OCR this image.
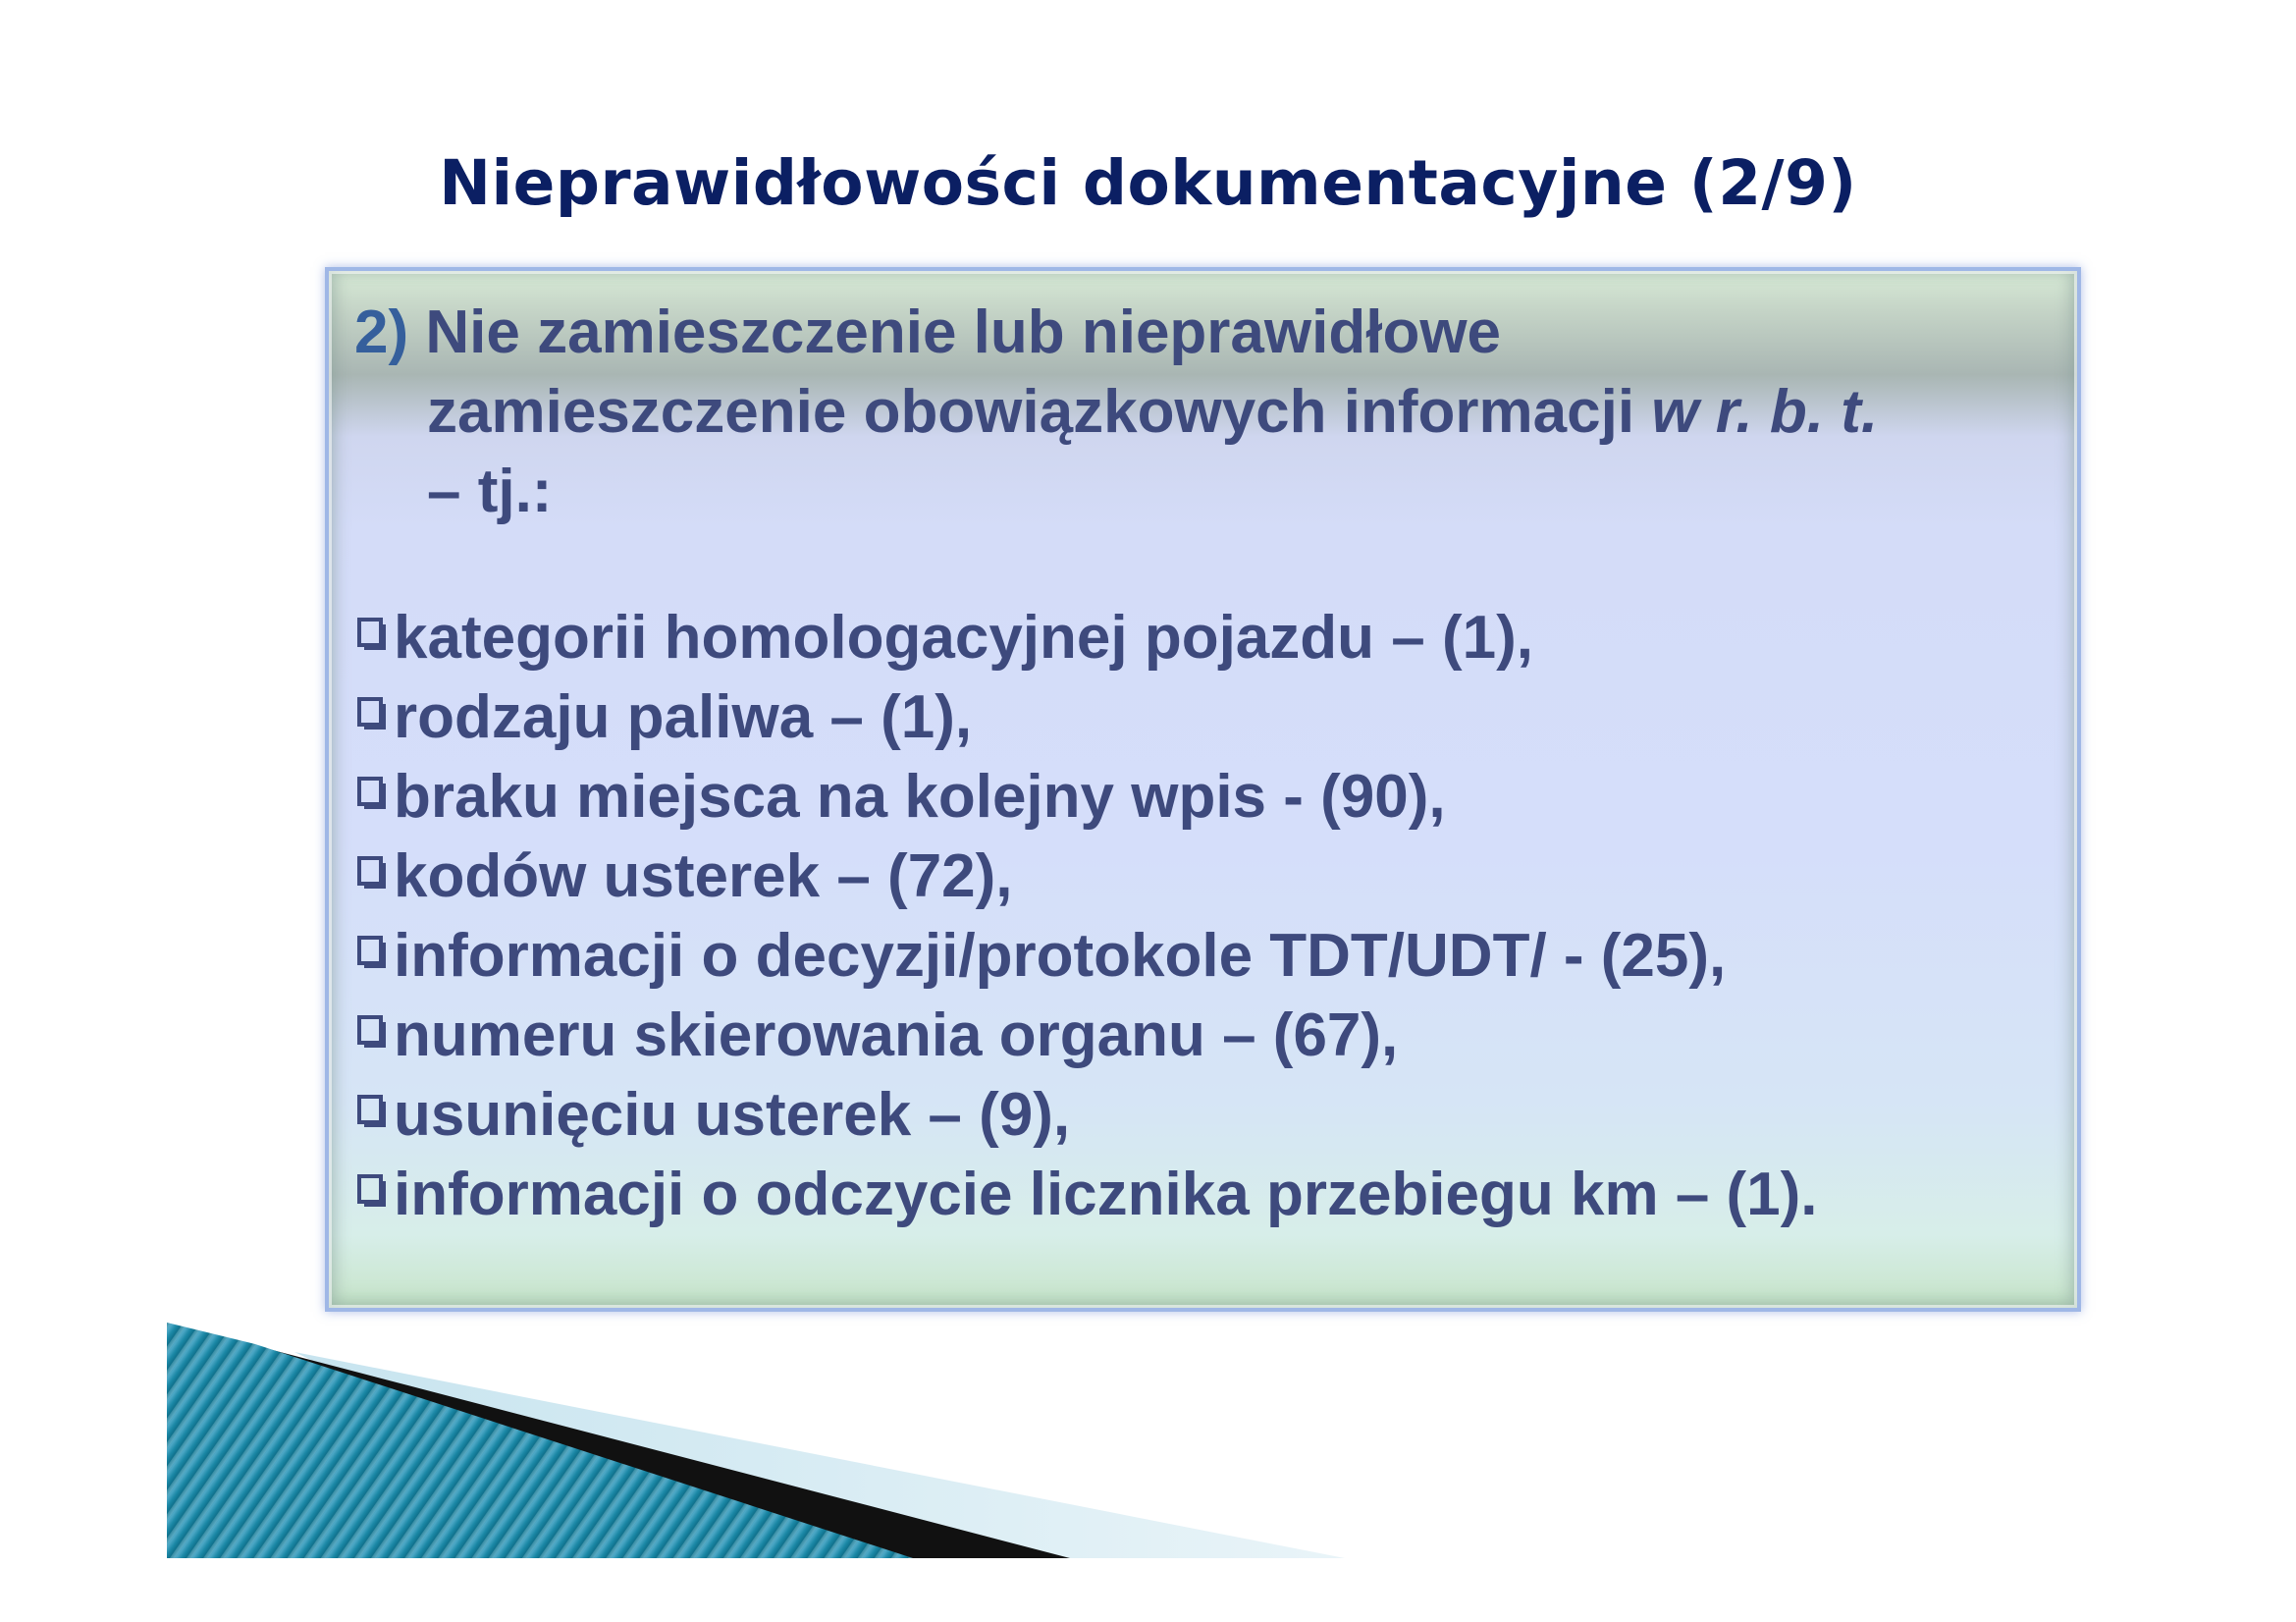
Nieprawidłowości dokumentacyjne (2/9)
2) Nie zamieszczenie lub nieprawidłowe
zamieszczenie obowiązkowych informacji w r. b. t.
– tj.:
kategorii homologacyjnej pojazdu – (1),
rodzaju paliwa – (1),
braku miejsca na kolejny wpis - (90),
kodów usterek – (72),
informacji o decyzji/protokole TDT/UDT/ - (25),
numeru skierowania organu – (67),
usunięciu usterek – (9),
informacji o odczycie licznika przebiegu km – (1).
